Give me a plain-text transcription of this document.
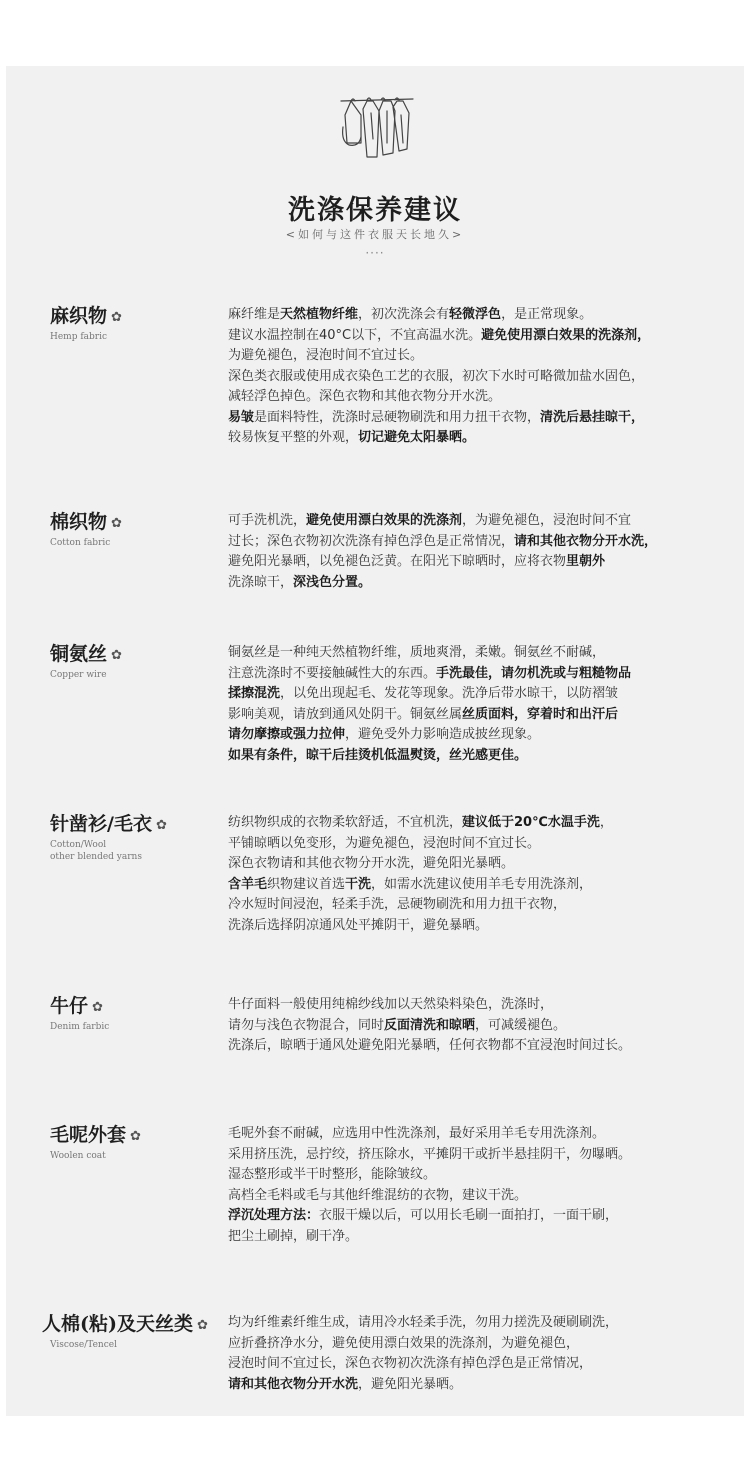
洗涤保养建议
<如何与这件衣服天长地久>
····
麻织物 ✿
Hemp fabric
麻纤维是天然植物纤维，初次洗涤会有轻微浮色，是正常现象。
建议水温控制在40°C以下，不宜高温水洗。避免使用漂白效果的洗涤剂，
为避免褪色，浸泡时间不宜过长。
深色类衣服或使用成衣染色工艺的衣服，初次下水时可略微加盐水固色，
减轻浮色掉色。深色衣物和其他衣物分开水洗。
易皱是面料特性，洗涤时忌硬物刷洗和用力扭干衣物，清洗后悬挂晾干，
较易恢复平整的外观，切记避免太阳暴晒。
棉织物 ✿
Cotton fabric
可手洗机洗，避免使用漂白效果的洗涤剂，为避免褪色，浸泡时间不宜
过长；深色衣物初次洗涤有掉色浮色是正常情况，请和其他衣物分开水洗，
避免阳光暴晒，以免褪色泛黄。在阳光下晾晒时，应将衣物里朝外
洗涤晾干，深浅色分置。
铜氨丝 ✿
Copper wire
铜氨丝是一种纯天然植物纤维，质地爽滑，柔嫩。铜氨丝不耐碱，
注意洗涤时不要接触碱性大的东西。手洗最佳，请勿机洗或与粗糙物品
揉擦混洗，以免出现起毛、发花等现象。洗净后带水晾干，以防褶皱
影响美观，请放到通风处阴干。铜氨丝属丝质面料，穿着时和出汗后
请勿摩擦或强力拉伸，避免受外力影响造成披丝现象。
如果有条件，晾干后挂烫机低温熨烫，丝光感更佳。
针凿衫/毛衣 ✿
Cotton/Wool
other blended yarns
纺织物织成的衣物柔软舒适，不宜机洗，建议低于20℃水温手洗，
平铺晾晒以免变形，为避免褪色，浸泡时间不宜过长。
深色衣物请和其他衣物分开水洗，避免阳光暴晒。
含羊毛织物建议首选干洗，如需水洗建议使用羊毛专用洗涤剂，
冷水短时间浸泡，轻柔手洗，忌硬物刷洗和用力扭干衣物，
洗涤后选择阴凉通风处平摊阴干，避免暴晒。
牛仔 ✿
Denim farbic
牛仔面料一般使用纯棉纱线加以天然染料染色，洗涤时，
请勿与浅色衣物混合，同时反面清洗和晾晒，可减缓褪色。
洗涤后，晾晒于通风处避免阳光暴晒，任何衣物都不宜浸泡时间过长。
毛呢外套 ✿
Woolen coat
毛呢外套不耐碱，应选用中性洗涤剂，最好采用羊毛专用洗涤剂。
采用挤压洗，忌拧绞，挤压除水，平摊阴干或折半悬挂阴干，勿曝晒。
湿态整形或半干时整形，能除皱纹。
高档全毛料或毛与其他纤维混纺的衣物，建议干洗。
浮沉处理方法：衣服干燥以后，可以用长毛刷一面拍打，一面干刷，
把尘土刷掉，刷干净。
人棉(粘)及天丝类 ✿
Viscose/Tencel
均为纤维素纤维生成，请用冷水轻柔手洗，勿用力搓洗及硬刷刷洗，
应折叠挤净水分，避免使用漂白效果的洗涤剂，为避免褪色，
浸泡时间不宜过长，深色衣物初次洗涤有掉色浮色是正常情况，
请和其他衣物分开水洗，避免阳光暴晒。
